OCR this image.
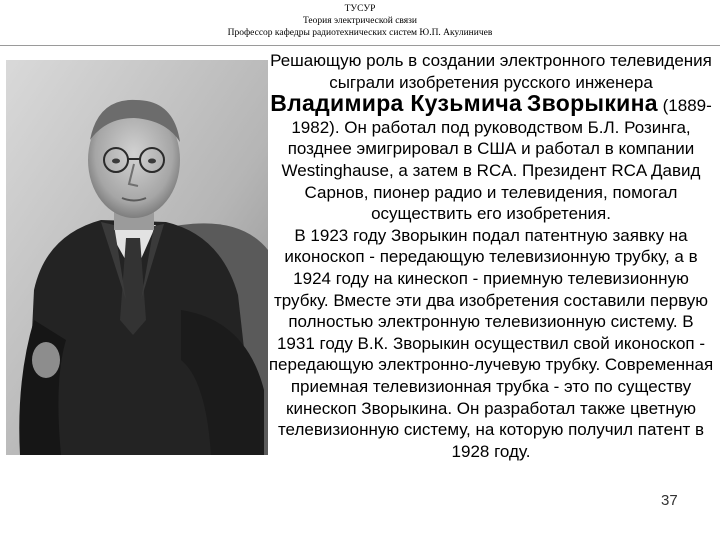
ТУСУР
Теория электрической связи
Профессор кафедры радиотехнических систем Ю.П. Акулиничев

Решающую роль в создании электронного телевидения сыграли изобретения русского инженера Владимира Кузьмича Зворыкина (1889-1982). Он работал под руководством Б.Л. Розинга, позднее эмигрировал в США и работал в компании Westinghause, а затем в RCA. Президент RCA Давид Сарнов, пионер радио и телевидения, помогал осуществить его изобретения.

В 1923 году Зворыкин подал патентную заявку на иконоскоп - передающую телевизионную трубку, а в 1924 году на кинескоп - приемную телевизионную трубку. Вместе эти два изобретения составили первую полностью электронную телевизионную систему. В 1931 году В.К. Зворыкин осуществил свой иконоскоп - передающую электронно-лучевую трубку. Современная приемная телевизионная трубка - это по существу кинескоп Зворыкина. Он разработал также цветную телевизионную систему, на которую получил патент в 1928 году.

37
